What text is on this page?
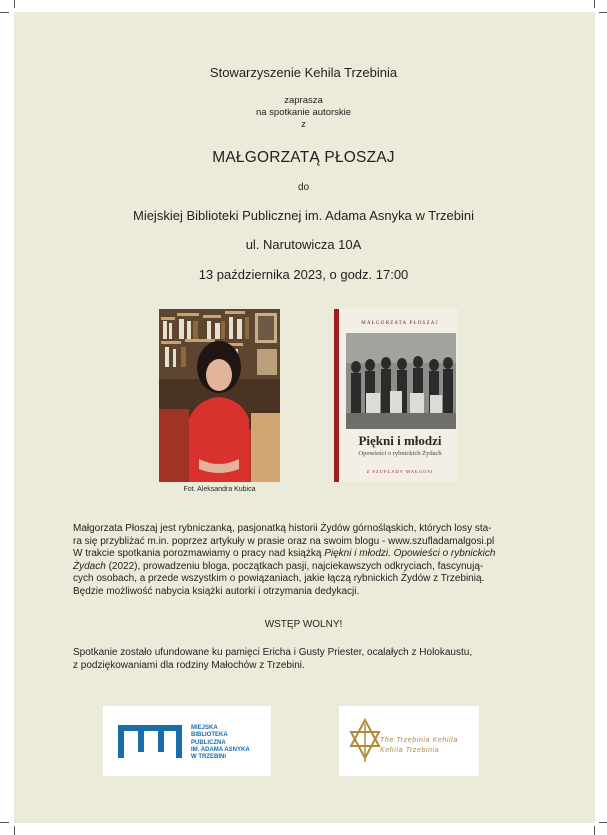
Stowarzyszenie Kehila Trzebinia
zaprasza
na spotkanie autorskie
z
MAŁGORZATĄ PŁOSZAJ
do
Miejskiej Biblioteki Publicznej im. Adama Asnyka w Trzebini
ul. Narutowicza 10A
13 października 2023, o godz. 17:00
Fot. Aleksandra Kubica
MAŁGORZATA PŁOSZAJ
Piękni i młodzi
Opowieści o rybnickich Żydach
Z SZUFLADY MAŁGOSI
Małgorzata Płoszaj jest rybniczanką, pasjonatką historii Żydów górnośląskich, których losy sta-
ra się przybliżać m.in. poprzez artykuły w prasie oraz na swoim blogu - www.szufladamalgosi.pl
W trakcie spotkania porozmawiamy o pracy nad książką Piękni i młodzi. Opowieści o rybnickich
Żydach (2022), prowadzeniu bloga, początkach pasji, najciekawszych odkryciach, fascynują-
cych osobach, a przede wszystkim o powiązaniach, jakie łączą rybnickich Żydów z Trzebinią.
Będzie możliwość nabycia książki autorki i otrzymania dedykacji.
WSTĘP WOLNY!
Spotkanie zostało ufundowane ku pamięci Ericha i Gusty Priester, ocalałych z Holokaustu,
z podziękowaniami dla rodziny Małochów z Trzebini.
MIEJSKA
BIBLIOTEKA
PUBLICZNA
IM. ADAMA ASNYKA
W TRZEBINI
The Trzebinia Kehilla
Kehila Trzebinia
